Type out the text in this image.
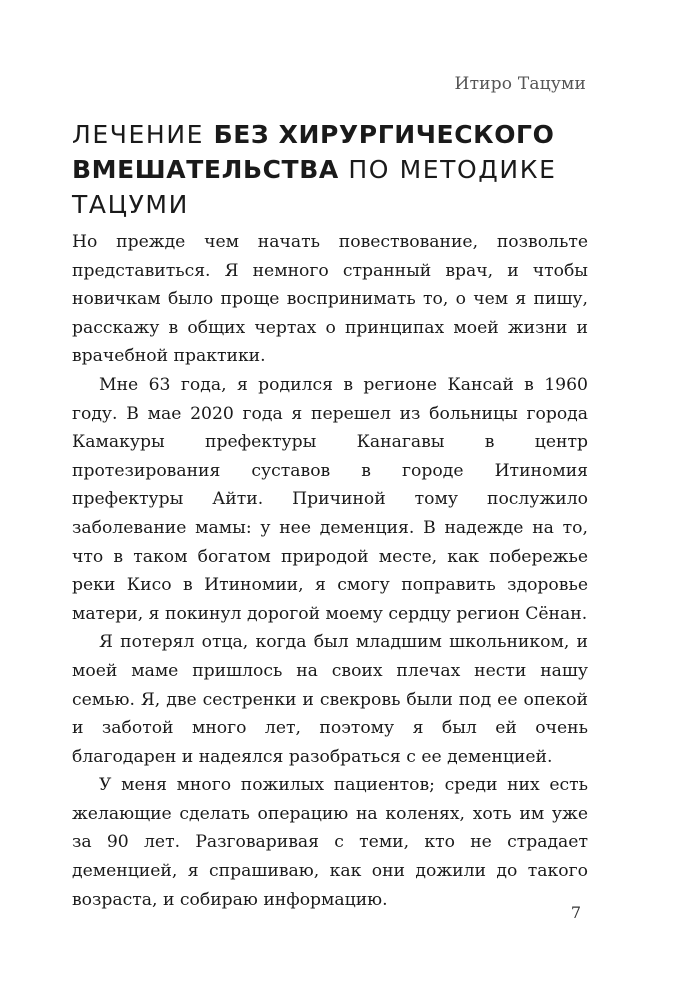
Итиро Тацуми
ЛЕЧЕНИЕ БЕЗ ХИРУРГИЧЕСКОГО ВМЕШАТЕЛЬСТВА ПО МЕТОДИКЕ ТАЦУМИ

Но прежде чем начать повествование, позвольте представиться. Я немного странный врач, и чтобы новичкам было проще воспринимать то, о чем я пишу, расскажу в общих чертах о принципах моей жизни и врачебной практики.

Мне 63 года, я родился в регионе Кансай в 1960 году. В мае 2020 года я перешел из больницы города Камакуры префектуры Канагавы в центр протезирования суставов в городе Итиномия префектуры Айти. Причиной тому послужило заболевание мамы: у нее деменция. В надежде на то, что в таком богатом природой месте, как побережье реки Кисо в Итиномии, я смогу поправить здоровье матери, я покинул дорогой моему сердцу регион Сёнан.

Я потерял отца, когда был младшим школьником, и моей маме пришлось на своих плечах нести нашу семью. Я, две сестренки и свекровь были под ее опекой и заботой много лет, поэтому я был ей очень благодарен и надеялся разобраться с ее деменцией.

У меня много пожилых пациентов; среди них есть желающие сделать операцию на коленях, хоть им уже за 90 лет. Разговаривая с теми, кто не страдает деменцией, я спрашиваю, как они дожили до такого возраста, и собираю информацию.

7
